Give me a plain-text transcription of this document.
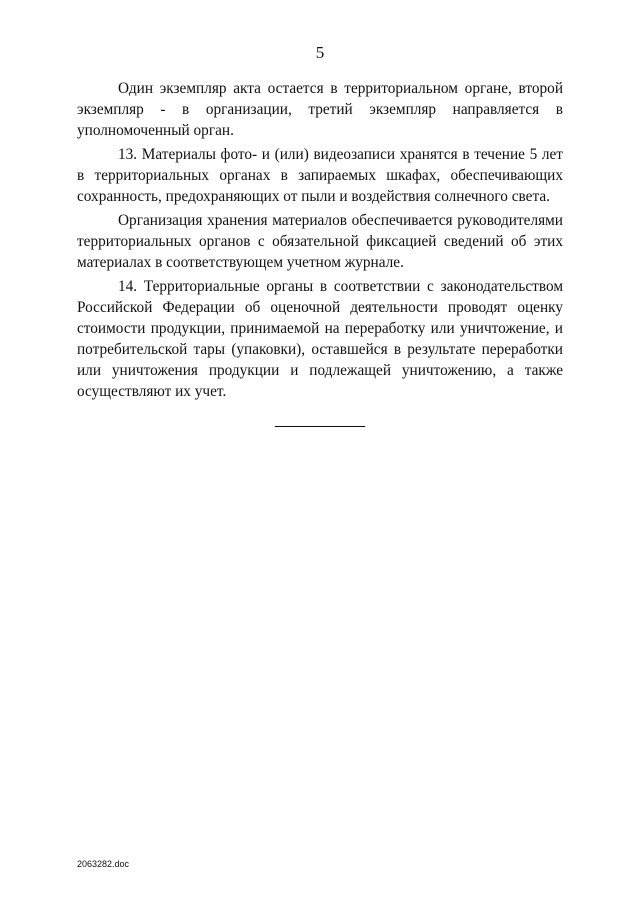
5

Один экземпляр акта остается в территориальном органе, второй экземпляр - в организации, третий экземпляр направляется в уполномоченный орган.

13. Материалы фото- и (или) видеозаписи хранятся в течение 5 лет в территориальных органах в запираемых шкафах, обеспечивающих сохранность, предохраняющих от пыли и воздействия солнечного света.

Организация хранения материалов обеспечивается руководителями территориальных органов с обязательной фиксацией сведений об этих материалах в соответствующем учетном журнале.

14. Территориальные органы в соответствии с законодательством Российской Федерации об оценочной деятельности проводят оценку стоимости продукции, принимаемой на переработку или уничтожение, и потребительской тары (упаковки), оставшейся в результате переработки или уничтожения продукции и подлежащей уничтожению, а также осуществляют их учет.

2063282.doc
